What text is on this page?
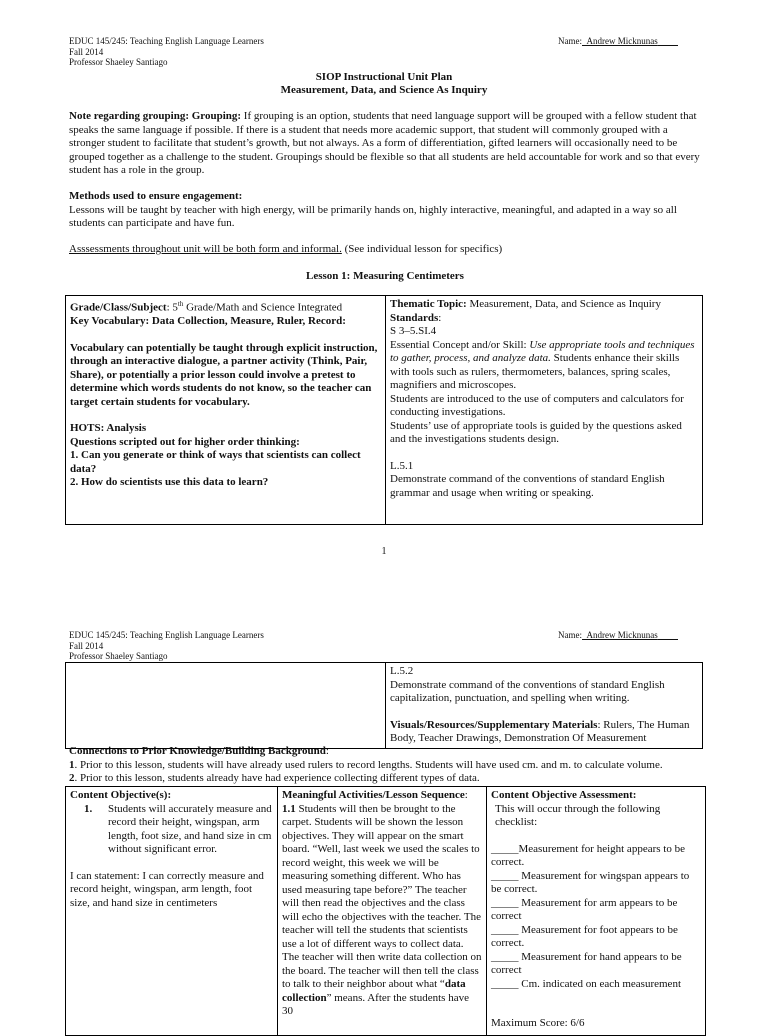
EDUC 145/245: Teaching English Language Learners
Fall 2014
Professor Shaeley Santiago
Name: Andrew Micknunas
SIOP Instructional Unit Plan
Measurement, Data, and Science As Inquiry
Note regarding grouping: Grouping: If grouping is an option, students that need language support will be grouped with a fellow student that speaks the same language if possible. If there is a student that needs more academic support, that student will commonly grouped with a stronger student to facilitate that student’s growth, but not always. As a form of differentiation, gifted learners will occasionally need to be grouped together as a challenge to the student. Groupings should be flexible so that all students are held accountable for work and so that every student has a role in the group.
Methods used to ensure engagement:
Lessons will be taught by teacher with high energy, will be primarily hands on, highly interactive, meaningful, and adapted in a way so all students can participate and have fun.
Asssessments throughout unit will be both form and informal. (See individual lesson for specifics)
Lesson 1: Measuring Centimeters
Grade/Class/Subject: 5th Grade/Math and Science Integrated
Key Vocabulary: Data Collection, Measure, Ruler, Record:
Vocabulary can potentially be taught through explicit instruction, through an interactive dialogue, a partner activity (Think, Pair, Share), or potentially a prior lesson could involve a pretest to determine which words students do not know, so the teacher can target certain students for vocabulary.
HOTS: Analysis
Questions scripted out for higher order thinking:
1. Can you generate or think of ways that scientists can collect data?
2. How do scientists use this data to learn?

Thematic Topic: Measurement, Data, and Science as Inquiry
Standards:
S 3–5.SI.4
Essential Concept and/or Skill: Use appropriate tools and techniques to gather, process, and analyze data. Students enhance their skills with tools such as rulers, thermometers, balances, spring scales, magnifiers and microscopes.
Students are introduced to the use of computers and calculators for conducting investigations.
Students’ use of appropriate tools is guided by the questions asked and the investigations students design.
L.5.1
Demonstrate command of the conventions of standard English grammar and usage when writing or speaking.
1
EDUC 145/245: Teaching English Language Learners
Fall 2014
Professor Shaeley Santiago
Name: Andrew Micknunas

L.5.2
Demonstrate command of the conventions of standard English capitalization, punctuation, and spelling when writing.
Visuals/Resources/Supplementary Materials: Rulers, The Human Body, Teacher Drawings, Demonstration Of Measurement
Connections to Prior Knowledge/Building Background:
1. Prior to this lesson, students will have already used rulers to record lengths. Students will have used cm. and m. to calculate volume.
2. Prior to this lesson, students already have had experience collecting different types of data.
Content Objective(s):
1.	Students will accurately measure and record their height, wingspan, arm length, foot size, and hand size in cm without significant error.
I can statement: I can correctly measure and record height, wingspan, arm length, foot size, and hand size in centimeters

Meaningful Activities/Lesson Sequence:
1.1 Students will then be brought to the carpet. Students will be shown the lesson objectives. They will appear on the smart board. “Well, last week we used the scales to record weight, this week we will be measuring something different. Who has used measuring tape before?” The teacher will then read the objectives and the class will echo the objectives with the teacher. The teacher will tell the students that scientists use a lot of different ways to collect data. The teacher will then write data collection on the board. The teacher will then tell the class to talk to their neighbor about what “data collection” means. After the students have 30

Content Objective Assessment:
This will occur through the following checklist:
_____Measurement for height appears to be correct.
_____ Measurement for wingspan appears to be correct.
_____ Measurement for arm appears to be correct
_____ Measurement for foot appears to be correct.
_____ Measurement for hand appears to be correct
_____ Cm. indicated on each measurement
Maximum Score: 6/6
